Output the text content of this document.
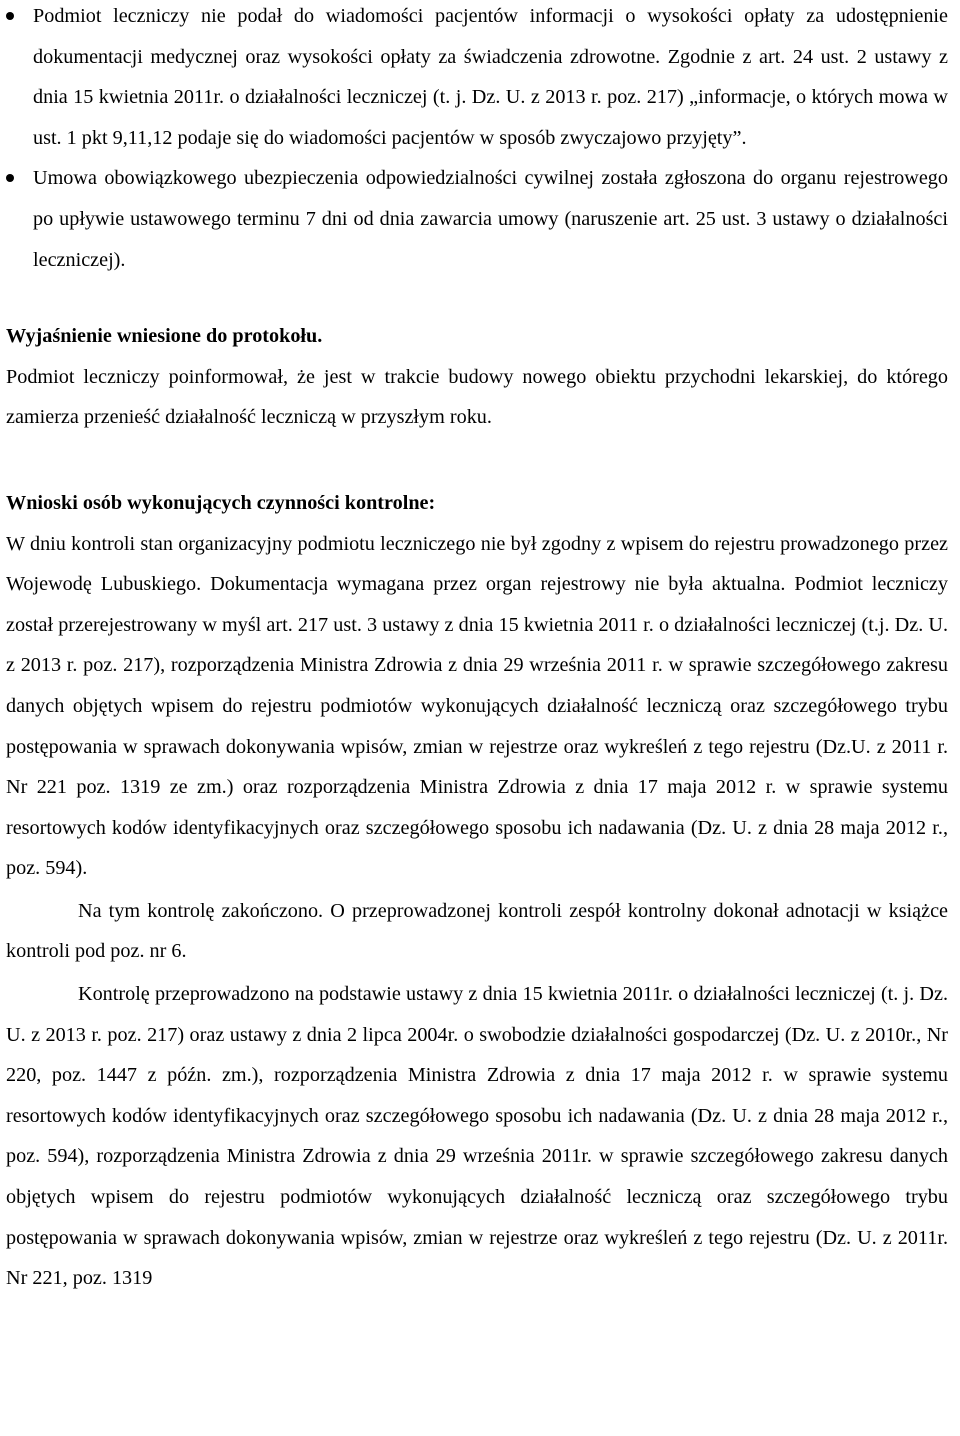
Podmiot leczniczy nie podał do wiadomości pacjentów informacji o wysokości opłaty za udostępnienie dokumentacji medycznej oraz wysokości opłaty za świadczenia zdrowotne. Zgodnie z art. 24 ust. 2 ustawy z dnia 15 kwietnia 2011r. o działalności leczniczej (t. j. Dz. U. z 2013 r. poz. 217) „informacje, o których mowa w ust. 1 pkt 9,11,12 podaje się do wiadomości pacjentów w sposób zwyczajowo przyjęty”.
Umowa obowiązkowego ubezpieczenia odpowiedzialności cywilnej została zgłoszona do organu rejestrowego po upływie ustawowego terminu 7 dni od dnia zawarcia umowy (naruszenie art. 25 ust. 3 ustawy o działalności leczniczej).
Wyjaśnienie wniesione do protokołu.

Podmiot leczniczy poinformował, że jest w trakcie budowy nowego obiektu przychodni lekarskiej, do którego zamierza przenieść działalność leczniczą w przyszłym roku.

Wnioski osób wykonujących czynności kontrolne:

W dniu kontroli stan organizacyjny podmiotu leczniczego nie był zgodny z wpisem do rejestru prowadzonego przez Wojewodę Lubuskiego. Dokumentacja wymagana przez organ rejestrowy nie była aktualna. Podmiot leczniczy został przerejestrowany w myśl art. 217 ust. 3 ustawy z dnia 15 kwietnia 2011 r. o działalności leczniczej (t.j. Dz. U. z 2013 r. poz. 217), rozporządzenia Ministra Zdrowia z dnia 29 września 2011 r. w sprawie szczegółowego zakresu danych objętych wpisem do rejestru podmiotów wykonujących działalność leczniczą oraz szczegółowego trybu postępowania w sprawach dokonywania wpisów, zmian w rejestrze oraz wykreśleń z tego rejestru (Dz.U. z 2011 r. Nr 221 poz. 1319 ze zm.) oraz rozporządzenia Ministra Zdrowia z dnia 17 maja 2012 r. w sprawie systemu resortowych kodów identyfikacyjnych oraz szczegółowego sposobu ich nadawania (Dz. U. z dnia 28 maja 2012 r., poz. 594).

Na tym kontrolę zakończono. O przeprowadzonej kontroli zespół kontrolny dokonał adnotacji w książce kontroli pod poz. nr 6.

Kontrolę przeprowadzono na podstawie ustawy z dnia 15 kwietnia 2011r. o działalności leczniczej (t. j. Dz. U. z 2013 r. poz. 217) oraz ustawy z dnia 2 lipca 2004r. o swobodzie działalności gospodarczej (Dz. U. z 2010r., Nr 220, poz. 1447 z późn. zm.), rozporządzenia Ministra Zdrowia z dnia 17 maja 2012 r. w sprawie systemu resortowych kodów identyfikacyjnych oraz szczegółowego sposobu ich nadawania (Dz. U. z dnia 28 maja 2012 r., poz. 594), rozporządzenia Ministra Zdrowia z dnia 29 września 2011r. w sprawie szczegółowego zakresu danych objętych wpisem do rejestru podmiotów wykonujących działalność leczniczą oraz szczegółowego trybu postępowania w sprawach dokonywania wpisów, zmian w rejestrze oraz wykreśleń z tego rejestru (Dz. U. z 2011r. Nr 221, poz. 1319
